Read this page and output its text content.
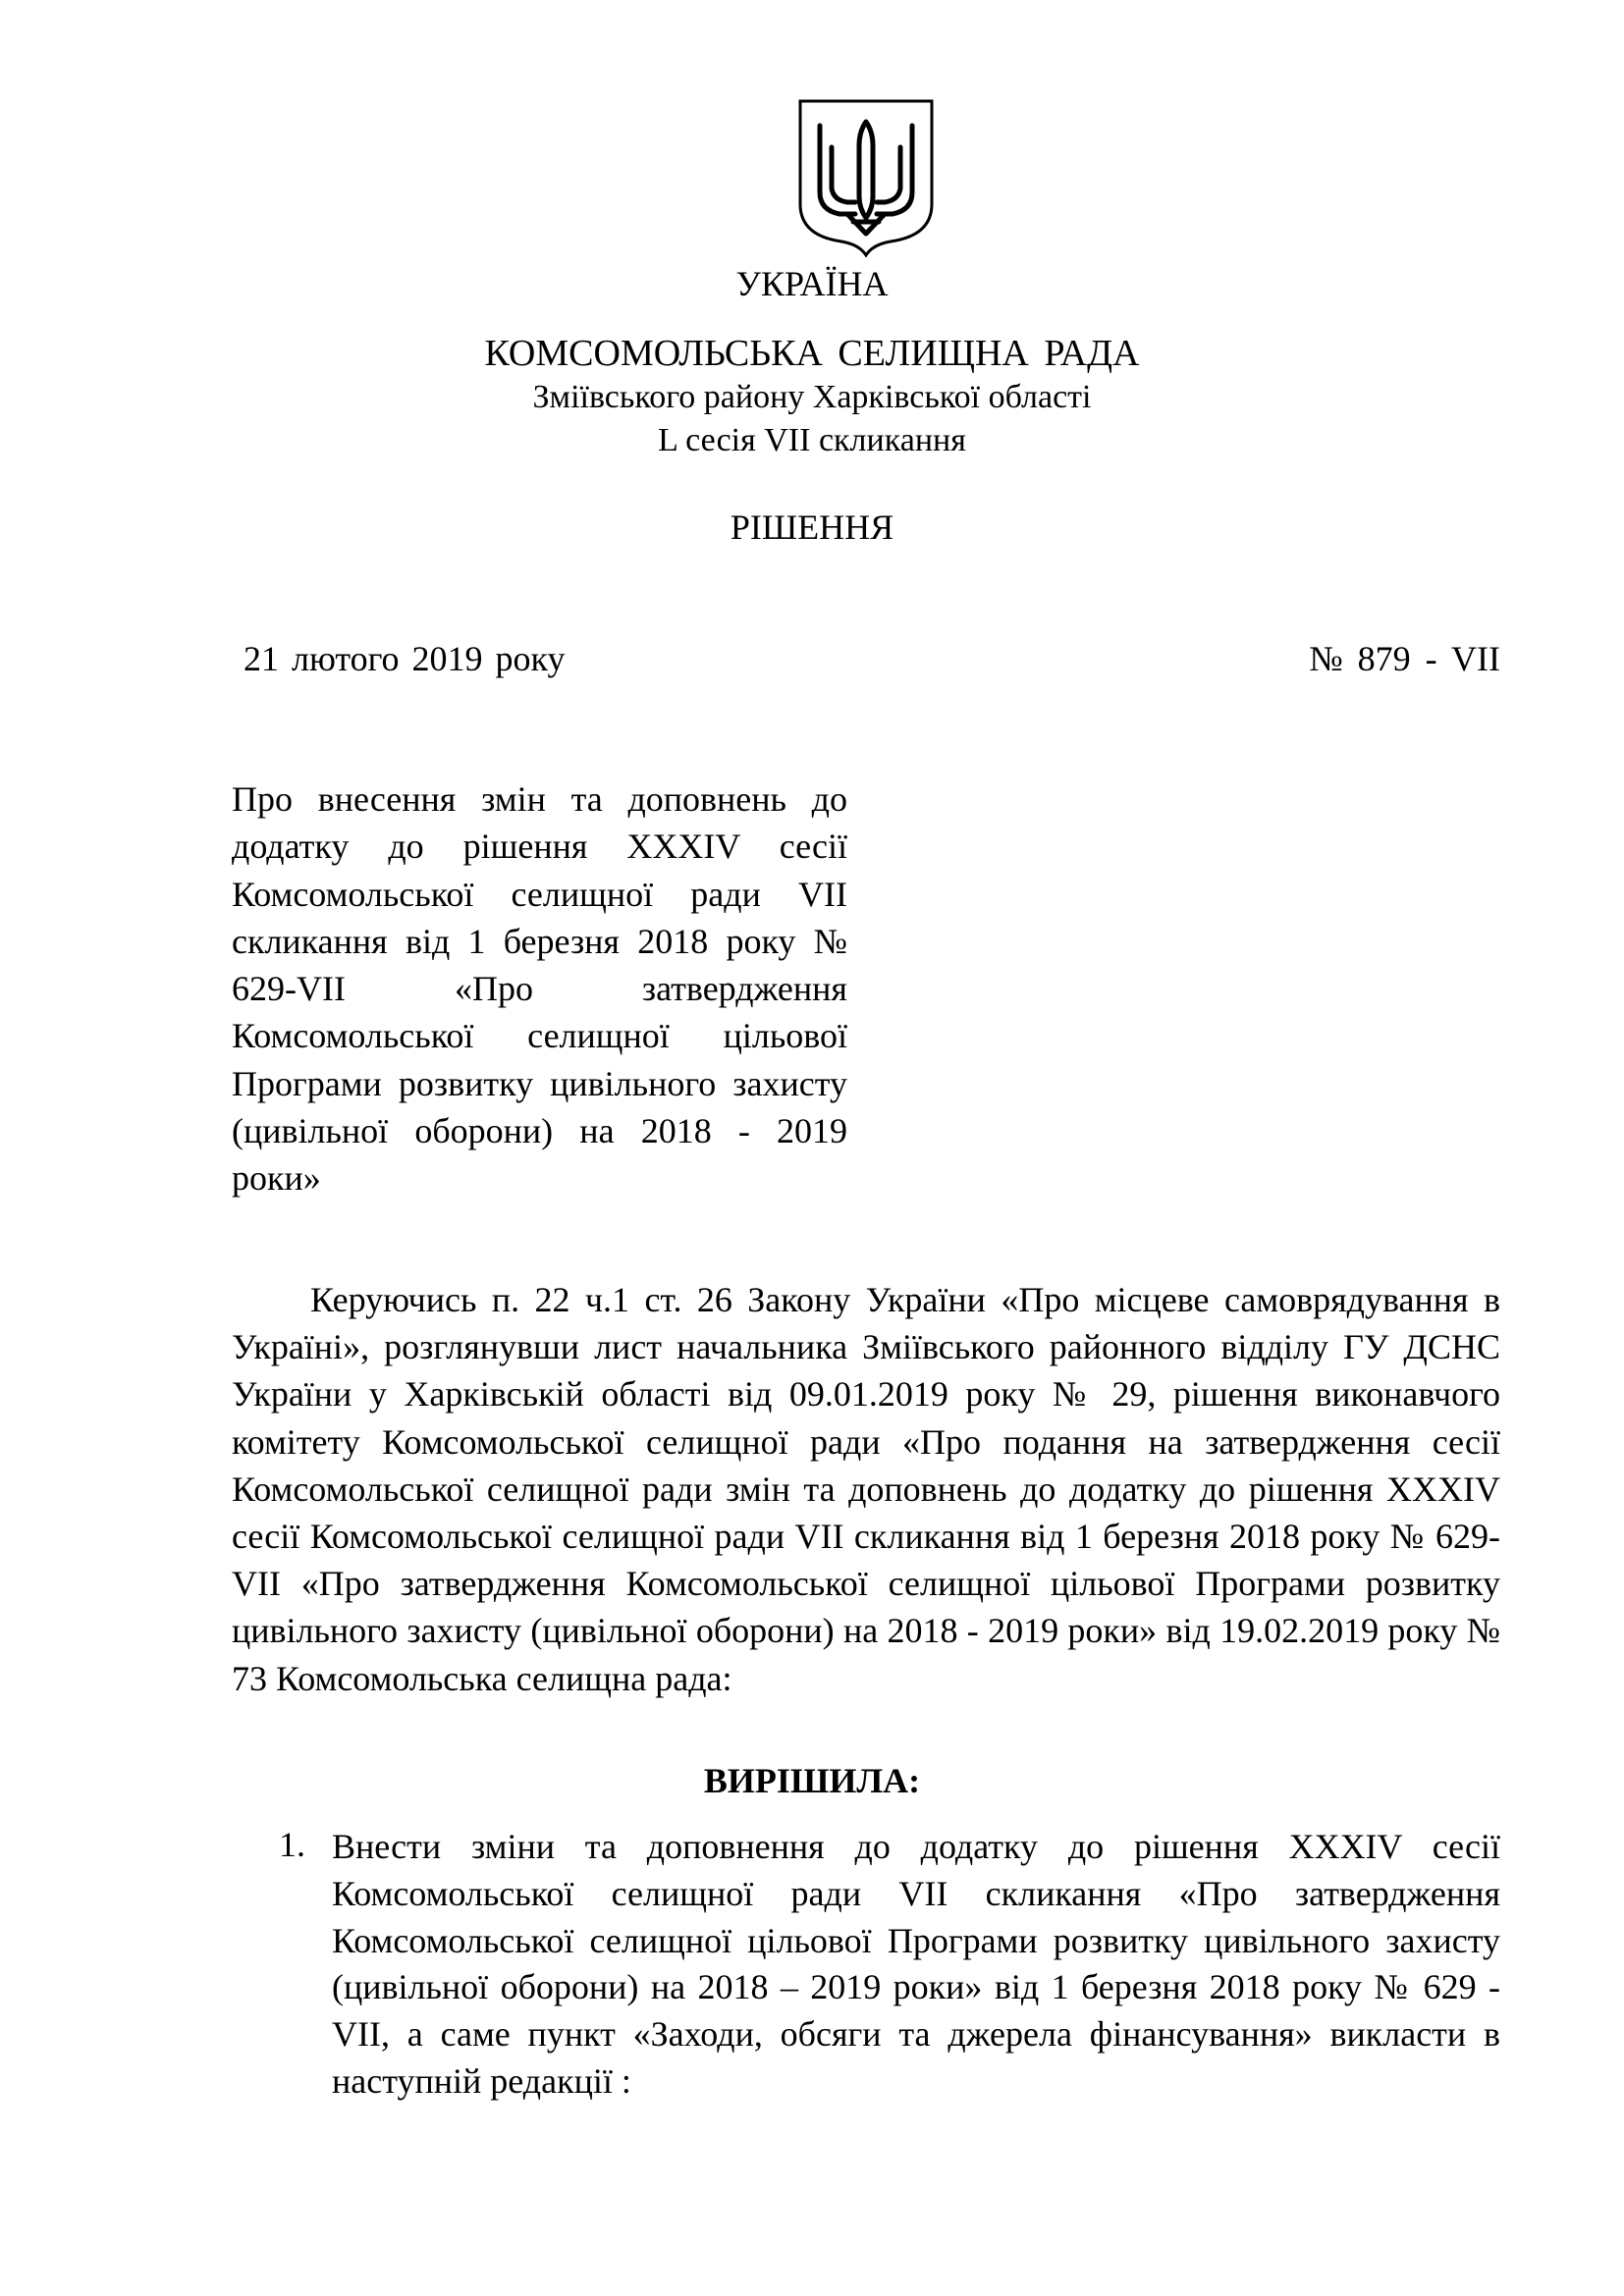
УКРАЇНА
КОМСОМОЛЬСЬКА СЕЛИЩНА РАДА
Зміївського району Харківської області
L сесія VII скликання
РІШЕННЯ
21 лютого 2019 року	№ 879 - VII
Про внесення змін та доповнень до додатку до рішення XXXIV сесії Комсомольської селищної ради VII скликання від 1 березня 2018 року № 629-VII «Про затвердження Комсомольської селищної цільової Програми розвитку цивільного захисту (цивільної оборони) на 2018 - 2019 роки»
Керуючись п. 22 ч.1 ст. 26 Закону України «Про місцеве самоврядування в Україні», розглянувши лист начальника Зміївського районного відділу ГУ ДСНС України у Харківській області від 09.01.2019 року № 29, рішення виконавчого комітету Комсомольської селищної ради «Про подання на затвердження сесії Комсомольської селищної ради змін та доповнень до додатку до рішення XXXIV сесії Комсомольської селищної ради VII скликання від 1 березня 2018 року № 629-VII «Про затвердження Комсомольської селищної цільової Програми розвитку цивільного захисту (цивільної оборони) на 2018 - 2019 роки» від 19.02.2019 року № 73 Комсомольська селищна рада:
ВИРІШИЛА:
1. Внести зміни та доповнення до додатку до рішення XXXIV сесії Комсомольської селищної ради VII скликання «Про затвердження Комсомольської селищної цільової Програми розвитку цивільного захисту (цивільної оборони) на 2018 – 2019 роки» від 1 березня 2018 року № 629 - VII, а саме пункт «Заходи, обсяги та джерела фінансування» викласти в наступній редакції :
